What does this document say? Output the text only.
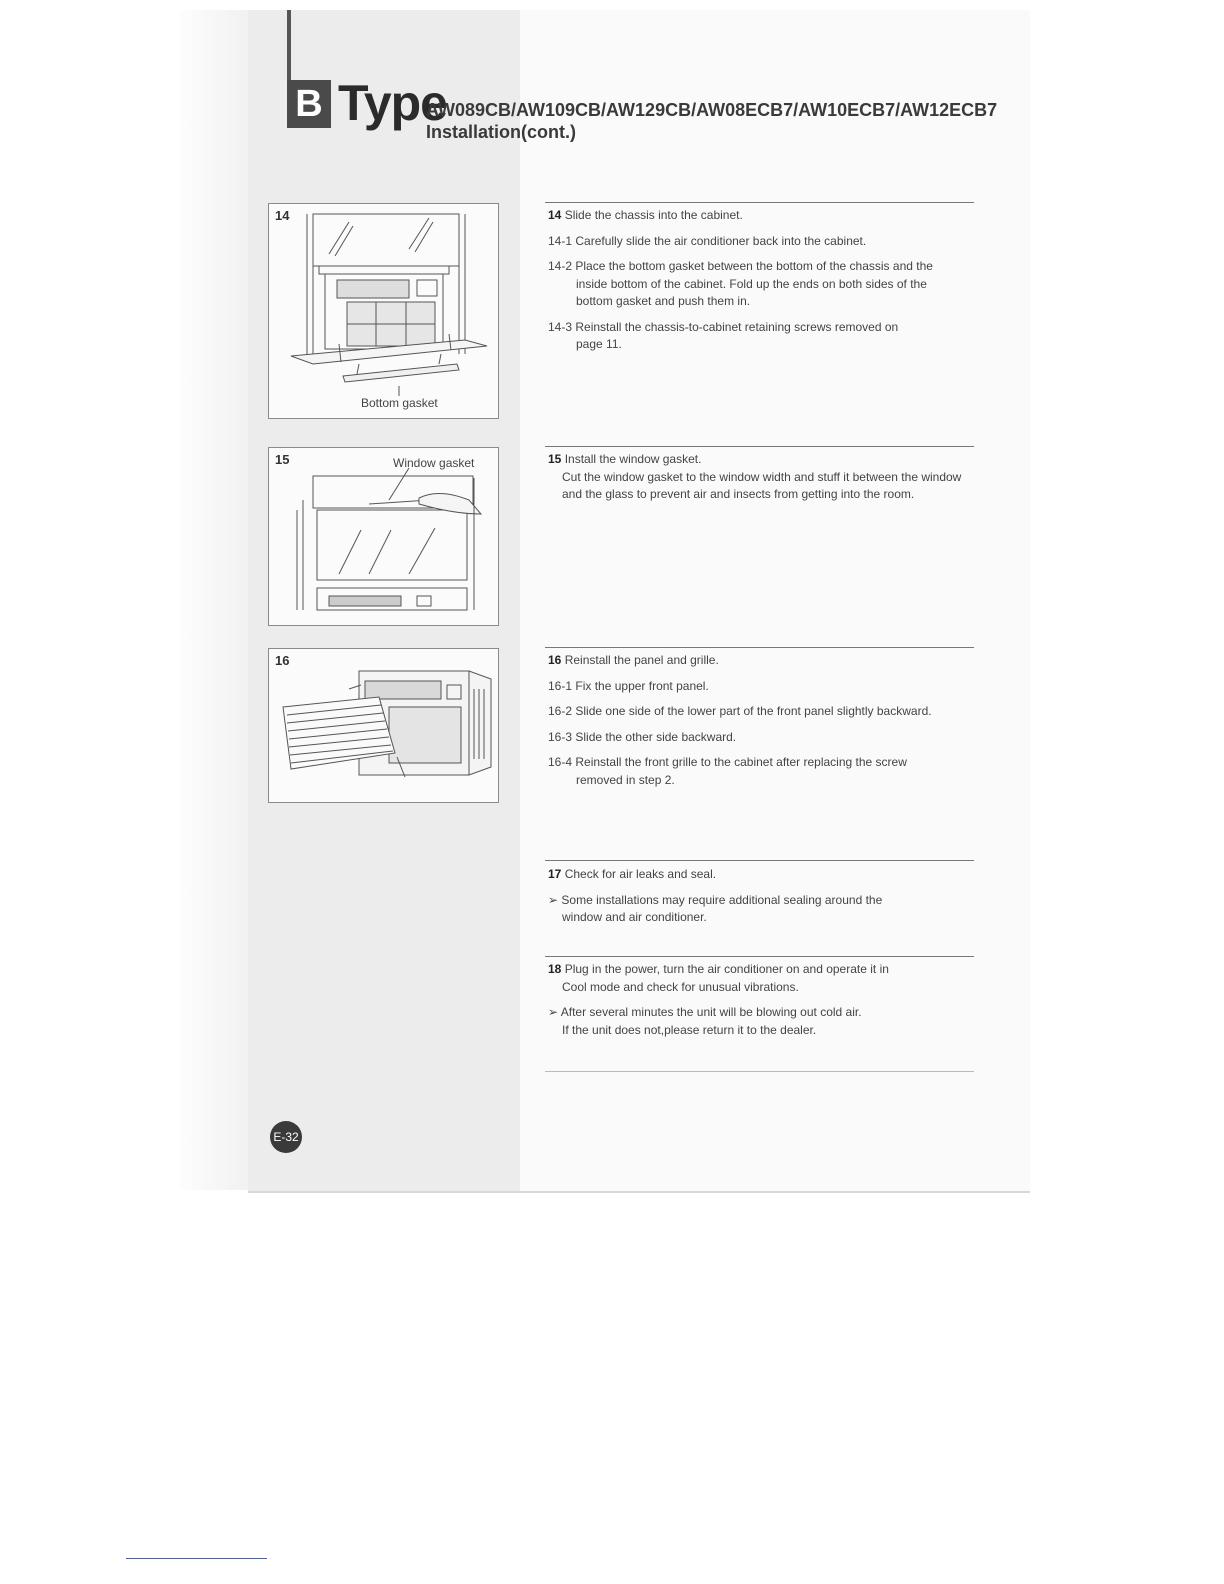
B Type
AW089CB/AW109CB/AW129CB/AW08ECB7/AW10ECB7/AW12ECB7
Installation(cont.)
14
Bottom gasket
15	Window gasket
16

14 Slide the chassis into the cabinet.

14-1 Carefully slide the air conditioner back into the cabinet.

14-2 Place the bottom gasket between the bottom of the chassis and the
inside bottom of the cabinet. Fold up the ends on both sides of the
bottom gasket and push them in.

14-3 Reinstall the chassis-to-cabinet retaining screws removed on
page 11.

15 Install the window gasket.
Cut the window gasket to the window width and stuff it between the window
and the glass to prevent air and insects from getting into the room.

16 Reinstall the panel and grille.

16-1 Fix the upper front panel.

16-2 Slide one side of the lower part of the front panel slightly backward.

16-3 Slide the other side backward.

16-4 Reinstall the front grille to the cabinet after replacing the screw
removed in step 2.

17 Check for air leaks and seal.

➢ Some installations may require additional sealing around the
window and air conditioner.

18 Plug in the power, turn the air conditioner on and operate it in
Cool mode and check for unusual vibrations.

➢ After several minutes the unit will be blowing out cold air.
If the unit does not,please return it to the dealer.

E-32
